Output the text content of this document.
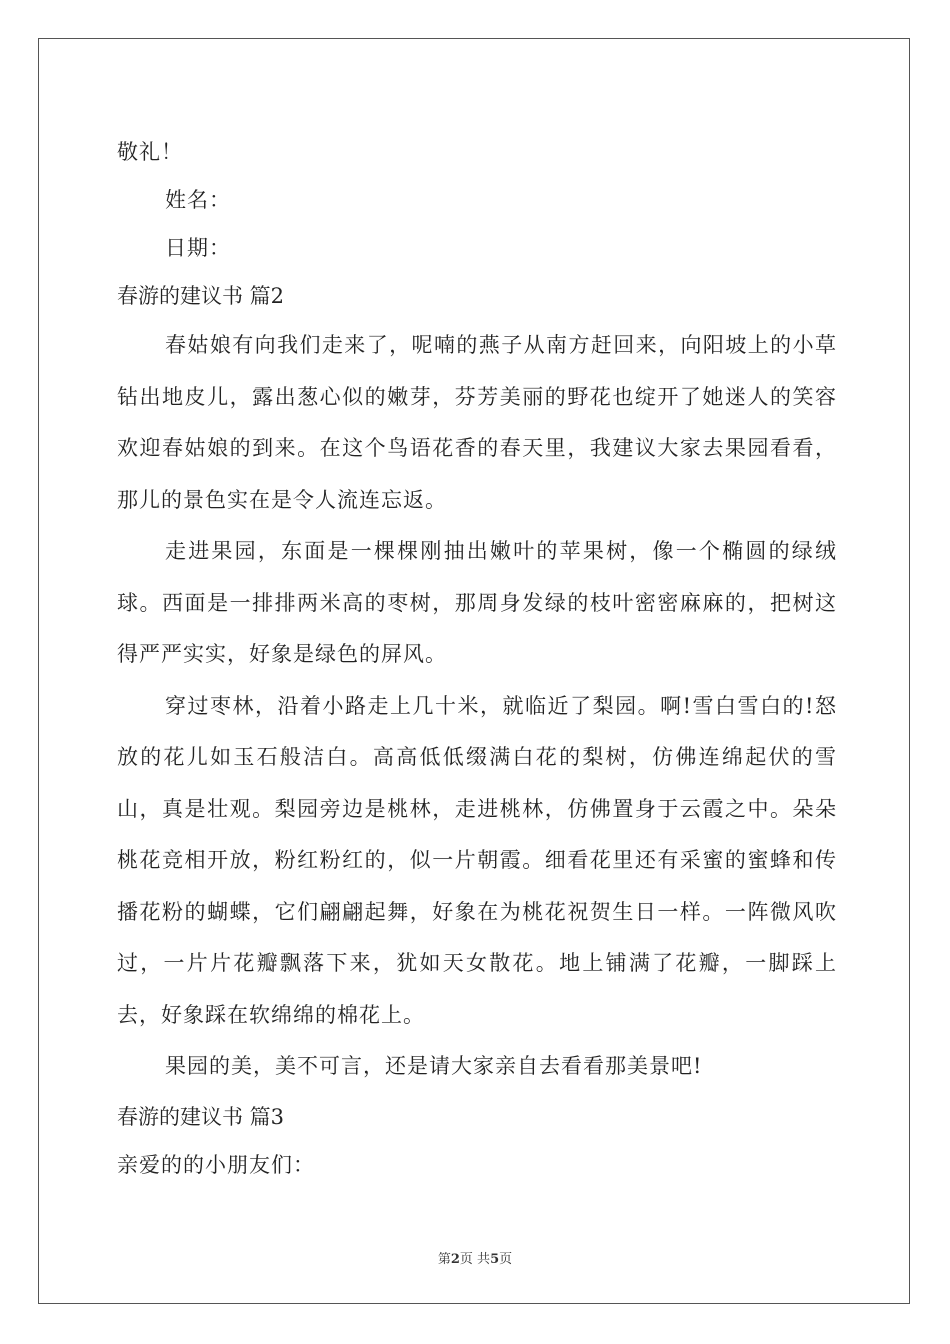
敬礼！
姓名：
日期：
春游的建议书 篇2

春姑娘有向我们走来了，呢喃的燕子从南方赶回来，向阳坡上的小草钻出地皮儿，露出葱心似的嫩芽，芬芳美丽的野花也绽开了她迷人的笑容欢迎春姑娘的到来。在这个鸟语花香的春天里，我建议大家去果园看看，那儿的景色实在是令人流连忘返。

走进果园，东面是一棵棵刚抽出嫩叶的苹果树，像一个椭圆的绿绒球。西面是一排排两米高的枣树，那周身发绿的枝叶密密麻麻的，把树这得严严实实，好象是绿色的屏风。

穿过枣林，沿着小路走上几十米，就临近了梨园。啊!雪白雪白的!怒放的花儿如玉石般洁白。高高低低缀满白花的梨树，仿佛连绵起伏的雪山，真是壮观。梨园旁边是桃林，走进桃林，仿佛置身于云霞之中。朵朵桃花竞相开放，粉红粉红的，似一片朝霞。细看花里还有采蜜的蜜蜂和传播花粉的蝴蝶，它们翩翩起舞，好象在为桃花祝贺生日一样。一阵微风吹过，一片片花瓣飘落下来，犹如天女散花。地上铺满了花瓣，一脚踩上去，好象踩在软绵绵的棉花上。

果园的美，美不可言，还是请大家亲自去看看那美景吧!

春游的建议书 篇3
亲爱的的小朋友们：
第2页 共5页
